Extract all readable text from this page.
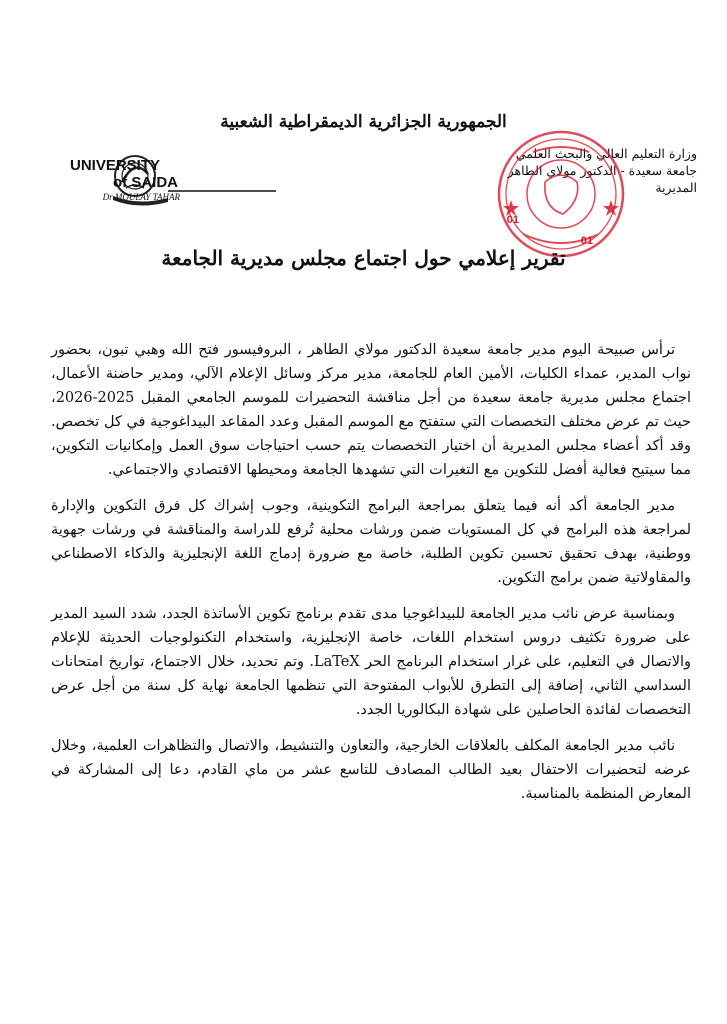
الجمهورية الجزائرية الديمقراطية الشعبية
وزارة التعليم العالي والبحث العلمي
جامعة سعيدة - الدكتور مولاي الطاهر
المديرية
UNIVERSITY
of SAIDA
Dr MOULAY TAHAR
01
01
تقرير إعلامي حول اجتماع مجلس مديرية الجامعة

ترأس صبيحة اليوم مدير جامعة سعيدة الدكتور مولاي الطاهر ، البروفيسور فتح الله وهبي تبون، بحضور نواب المدير، عمداء الكليات، الأمين العام للجامعة، مدير مركز وسائل الإعلام الآلي، ومدير حاضنة الأعمال، اجتماع مجلس مديرية جامعة سعيدة من أجل مناقشة التحضيرات للموسم الجامعي المقبل 2025-2026، حيث تم عرض مختلف التخصصات التي ستفتح مع الموسم المقبل وعدد المقاعد البيداغوجية في كل تخصص. وقد أكد أعضاء مجلس المديرية أن اختيار التخصصات يتم حسب احتياجات سوق العمل وإمكانيات التكوين، مما سيتيح فعالية أفضل للتكوين مع التغيرات التي تشهدها الجامعة ومحيطها الاقتصادي والاجتماعي.

مدير الجامعة أكد أنه فيما يتعلق بمراجعة البرامج التكوينية، وجوب إشراك كل فرق التكوين والإدارة لمراجعة هذه البرامج في كل المستويات ضمن ورشات محلية تُرفع للدراسة والمناقشة في ورشات جهوية ووطنية، بهدف تحقيق تحسين تكوين الطلبة، خاصة مع ضرورة إدماج اللغة الإنجليزية والذكاء الاصطناعي والمقاولاتية ضمن برامج التكوين.

وبمناسبة عرض نائب مدير الجامعة للبيداغوجيا مدى تقدم برنامج تكوين الأساتذة الجدد، شدد السيد المدير على ضرورة تكثيف دروس استخدام اللغات، خاصة الإنجليزية، واستخدام التكنولوجيات الحديثة للإعلام والاتصال في التعليم، على غرار استخدام البرنامج الحر LaTeX. وتم تحديد، خلال الاجتماع، تواريخ امتحانات السداسي الثاني، إضافة إلى التطرق للأبواب المفتوحة التي تنظمها الجامعة نهاية كل سنة من أجل عرض التخصصات لفائدة الحاصلين على شهادة البكالوريا الجدد.

نائب مدير الجامعة المكلف بالعلاقات الخارجية، والتعاون والتنشيط، والاتصال والتظاهرات العلمية، وخلال عرضه لتحضيرات الاحتفال بعيد الطالب المصادف للتاسع عشر من ماي القادم، دعا إلى المشاركة في المعارض المنظمة بالمناسبة.
